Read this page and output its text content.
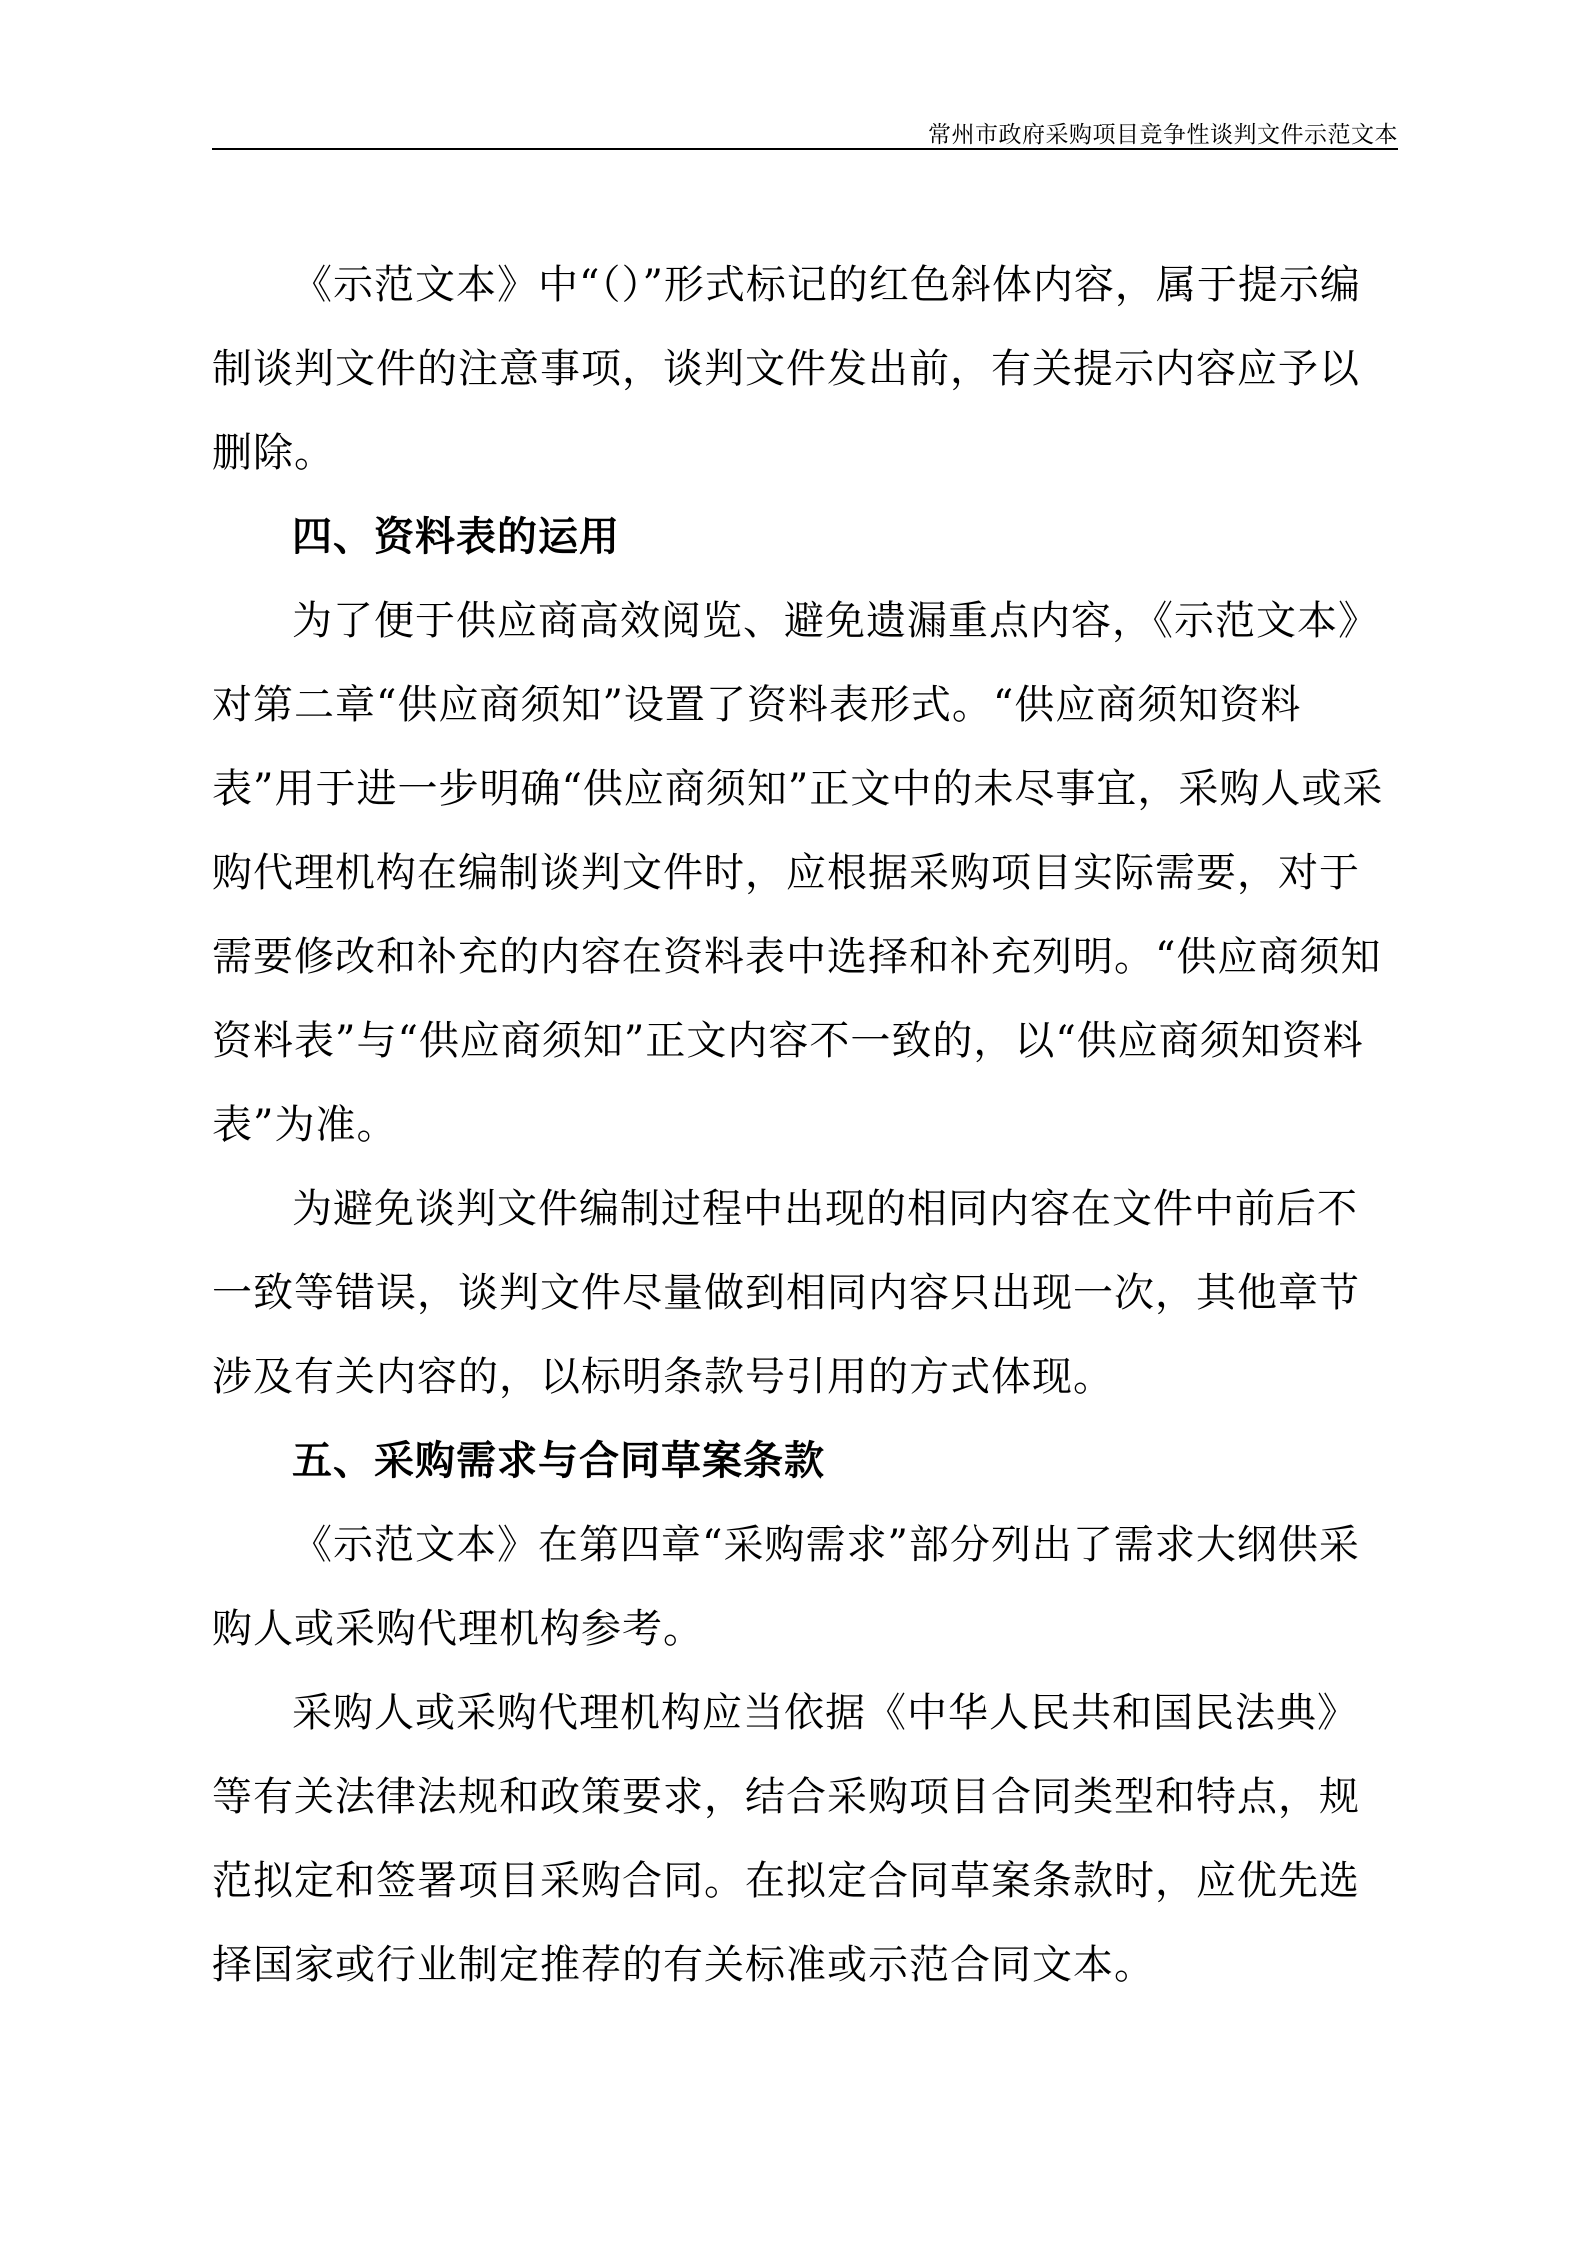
常州市政府采购项目竞争性谈判文件示范文本

《示范文本》中“（）”形式标记的红色斜体内容，属于提示编制谈判文件的注意事项，谈判文件发出前，有关提示内容应予以删除。

四、资料表的运用

为了便于供应商高效阅览、避免遗漏重点内容，《示范文本》对第二章“供应商须知”设置了资料表形式。“供应商须知资料表”用于进一步明确“供应商须知”正文中的未尽事宜，采购人或采购代理机构在编制谈判文件时，应根据采购项目实际需要，对于需要修改和补充的内容在资料表中选择和补充列明。“供应商须知资料表”与“供应商须知”正文内容不一致的，以“供应商须知资料表”为准。

为避免谈判文件编制过程中出现的相同内容在文件中前后不一致等错误，谈判文件尽量做到相同内容只出现一次，其他章节涉及有关内容的，以标明条款号引用的方式体现。

五、采购需求与合同草案条款

《示范文本》在第四章“采购需求”部分列出了需求大纲供采购人或采购代理机构参考。

采购人或采购代理机构应当依据《中华人民共和国民法典》等有关法律法规和政策要求，结合采购项目合同类型和特点，规范拟定和签署项目采购合同。在拟定合同草案条款时，应优先选择国家或行业制定推荐的有关标准或示范合同文本。
